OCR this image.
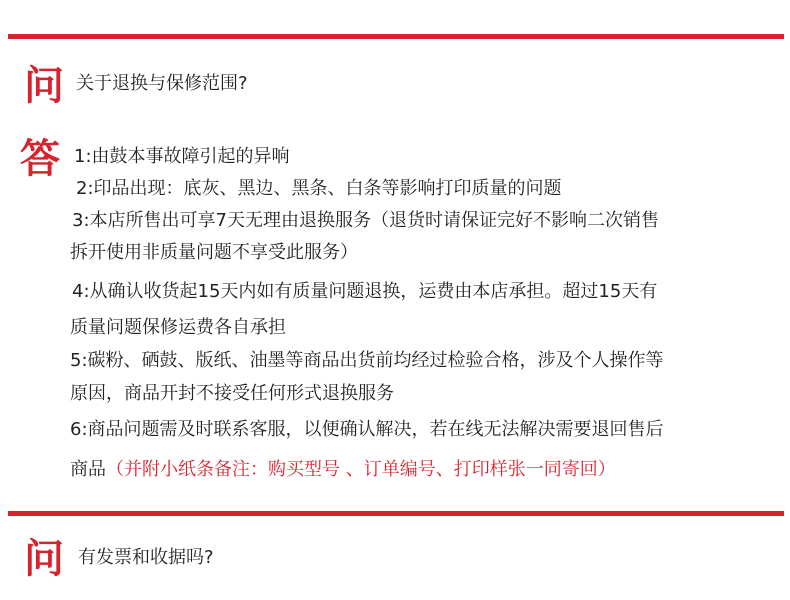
问 关于退换与保修范围?
答 1:由鼓本事故障引起的异响
2:印品出现：底灰、黑边、黑条、白条等影响打印质量的问题
3:本店所售出可享7天无理由退换服务（退货时请保证完好不影响二次销售
拆开使用非质量问题不享受此服务）
4:从确认收货起15天内如有质量问题退换，运费由本店承担。超过15天有
质量问题保修运费各自承担
5:碳粉、硒鼓、版纸、油墨等商品出货前均经过检验合格，涉及个人操作等
原因，商品开封不接受任何形式退换服务
6:商品问题需及时联系客服，以便确认解决，若在线无法解决需要退回售后
商品（并附小纸条备注：购买型号 、订单编号、打印样张一同寄回）
问 有发票和收据吗?
